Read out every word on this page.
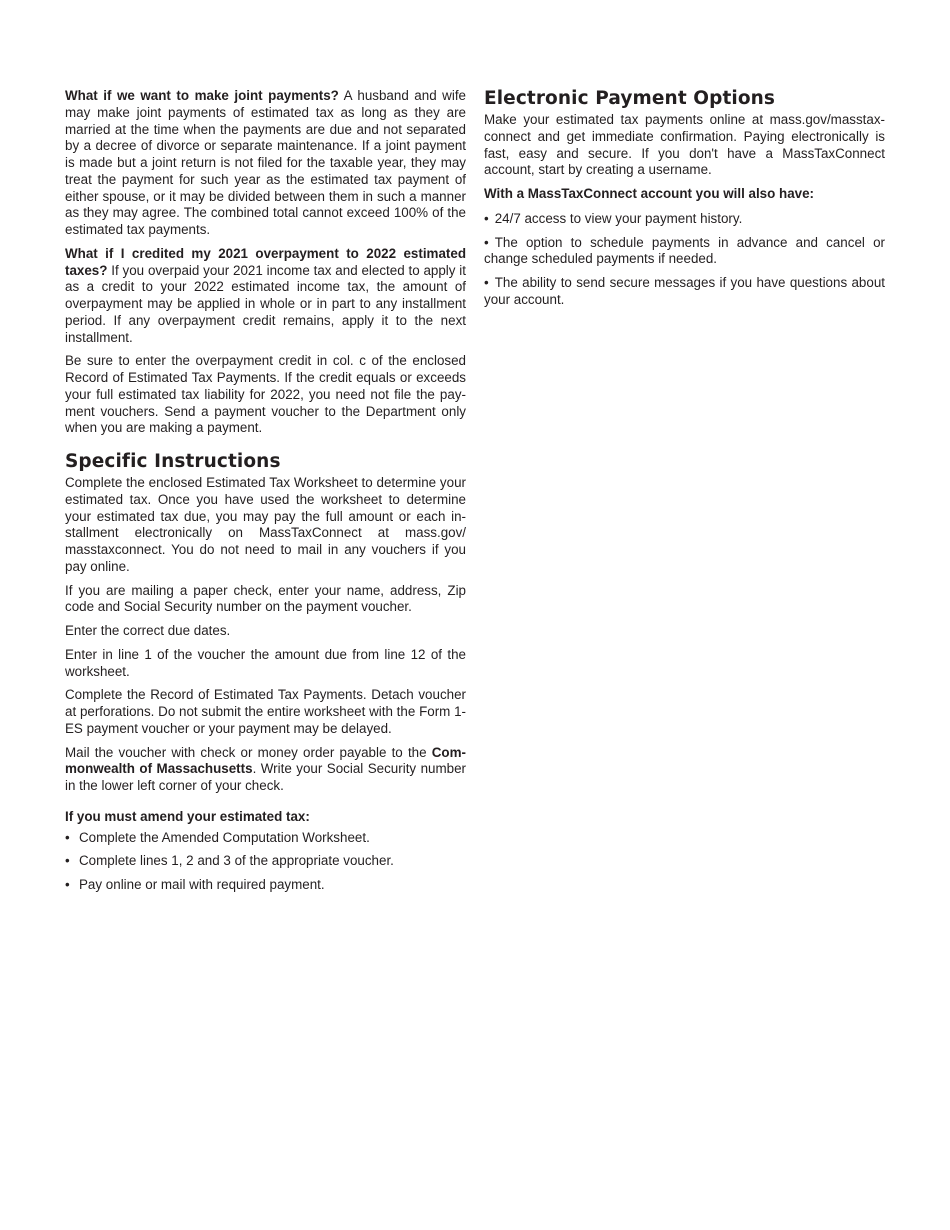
What if we want to make joint payments? A husband and wife may make joint payments of estimated tax as long as they are married at the time when the payments are due and not separated by a decree of divorce or separate maintenance. If a joint payment is made but a joint return is not filed for the taxable year, they may treat the payment for such year as the estimated tax payment of either spouse, or it may be divided between them in such a manner as they may agree. The combined total cannot exceed 100% of the estimated tax payments.

What if I credited my 2021 overpayment to 2022 estimated taxes? If you overpaid your 2021 income tax and elected to apply it as a credit to your 2022 estimated income tax, the amount of overpayment may be applied in whole or in part to any installment period. If any overpayment credit remains, apply it to the next installment.

Be sure to enter the overpayment credit in col. c of the enclosed Record of Estimated Tax Payments. If the credit equals or exceeds your full estimated tax liability for 2022, you need not file the payment vouchers. Send a payment voucher to the Department only when you are making a payment.

Specific Instructions

Complete the enclosed Estimated Tax Worksheet to determine your estimated tax. Once you have used the worksheet to determine your estimated tax due, you may pay the full amount or each installment electronically on MassTaxConnect at mass.gov/ masstaxconnect. You do not need to mail in any vouchers if you pay online.

If you are mailing a paper check, enter your name, address, Zip code and Social Security number on the payment voucher.

Enter the correct due dates.

Enter in line 1 of the voucher the amount due from line 12 of the worksheet.

Complete the Record of Estimated Tax Payments. Detach voucher at perforations. Do not submit the entire worksheet with the Form 1-ES payment voucher or your payment may be delayed.

Mail the voucher with check or money order payable to the Commonwealth of Massachusetts. Write your Social Security number in the lower left corner of your check.

If you must amend your estimated tax:
• Complete the Amended Computation Worksheet.
• Complete lines 1, 2 and 3 of the appropriate voucher.
• Pay online or mail with required payment.
Electronic Payment Options

Make your estimated tax payments online at mass.gov/masstaxconnect and get immediate confirmation. Paying electronically is fast, easy and secure. If you don't have a MassTaxConnect account, start by creating a username.

With a MassTaxConnect account you will also have:
• 24/7 access to view your payment history.
• The option to schedule payments in advance and cancel or change scheduled payments if needed.
• The ability to send secure messages if you have questions about your account.
